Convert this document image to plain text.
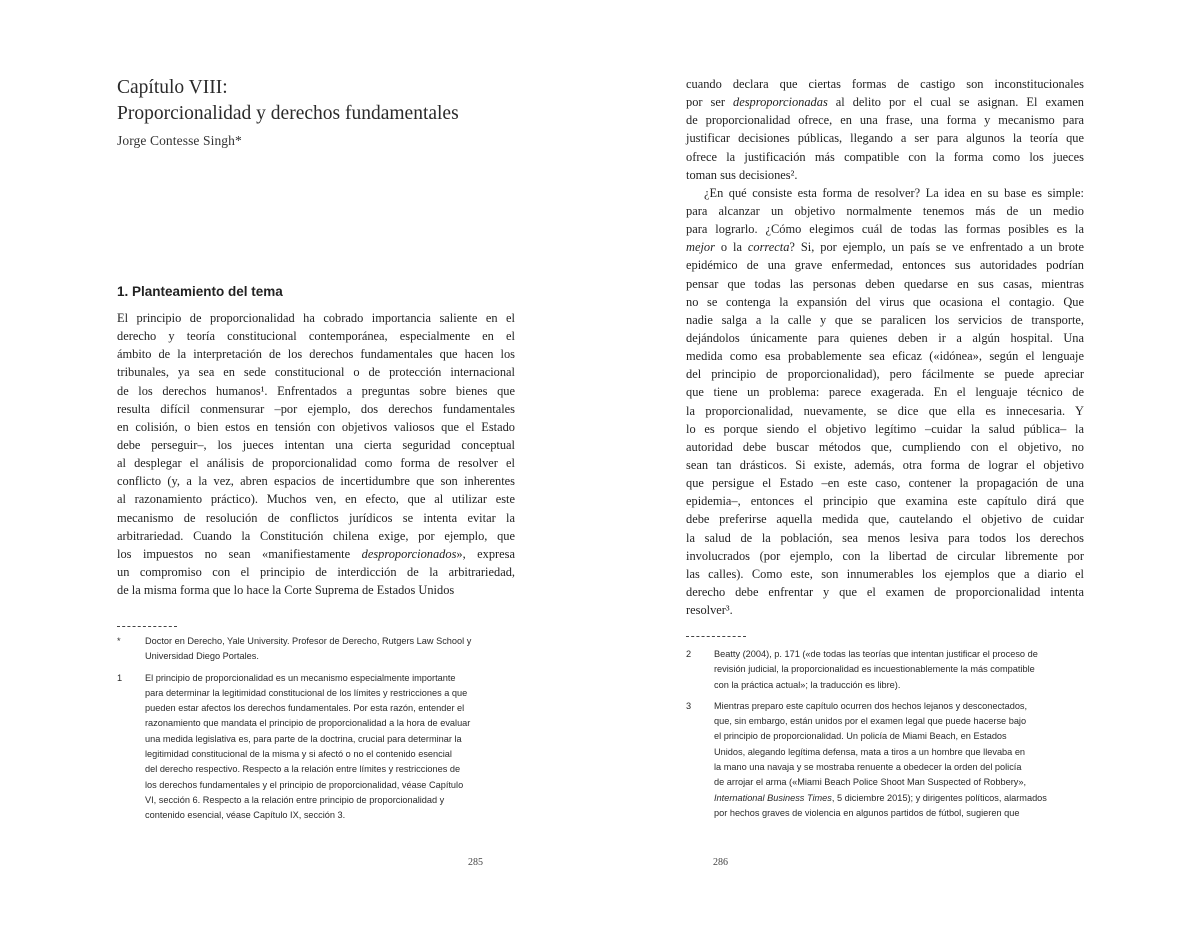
Capítulo VIII:
Proporcionalidad y derechos fundamentales
Jorge Contesse Singh*
1. Planteamiento del tema
El principio de proporcionalidad ha cobrado importancia saliente en el
derecho y teoría constitucional contemporánea, especialmente en el
ámbito de la interpretación de los derechos fundamentales que hacen los
tribunales, ya sea en sede constitucional o de protección internacional
de los derechos humanos¹. Enfrentados a preguntas sobre bienes que
resulta difícil conmensurar –por ejemplo, dos derechos fundamentales
en colisión, o bien estos en tensión con objetivos valiosos que el Estado
debe perseguir–, los jueces intentan una cierta seguridad conceptual
al desplegar el análisis de proporcionalidad como forma de resolver el
conflicto (y, a la vez, abren espacios de incertidumbre que son inherentes
al razonamiento práctico). Muchos ven, en efecto, que al utilizar este
mecanismo de resolución de conflictos jurídicos se intenta evitar la
arbitrariedad. Cuando la Constitución chilena exige, por ejemplo, que
los impuestos no sean «manifiestamente desproporcionados», expresa
un compromiso con el principio de interdicción de la arbitrariedad,
de la misma forma que lo hace la Corte Suprema de Estados Unidos
*	Doctor en Derecho, Yale University. Profesor de Derecho, Rutgers Law School y
Universidad Diego Portales.
1 El principio de proporcionalidad es un mecanismo especialmente importante
para determinar la legitimidad constitucional de los límites y restricciones a que
pueden estar afectos los derechos fundamentales. Por esta razón, entender el
razonamiento que mandata el principio de proporcionalidad a la hora de evaluar
una medida legislativa es, para parte de la doctrina, crucial para determinar la
legitimidad constitucional de la misma y si afectó o no el contenido esencial
del derecho respectivo. Respecto a la relación entre límites y restricciones de
los derechos fundamentales y el principio de proporcionalidad, véase Capítulo
VI, sección 6. Respecto a la relación entre principio de proporcionalidad y
contenido esencial, véase Capítulo IX, sección 3.
285
cuando declara que ciertas formas de castigo son inconstitucionales
por ser desproporcionadas al delito por el cual se asignan. El examen
de proporcionalidad ofrece, en una frase, una forma y mecanismo para
justificar decisiones públicas, llegando a ser para algunos la teoría que
ofrece la justificación más compatible con la forma como los jueces
toman sus decisiones².
¿En qué consiste esta forma de resolver? La idea en su base es simple:
para alcanzar un objetivo normalmente tenemos más de un medio
para lograrlo. ¿Cómo elegimos cuál de todas las formas posibles es la
mejor o la correcta? Si, por ejemplo, un país se ve enfrentado a un brote
epidémico de una grave enfermedad, entonces sus autoridades podrían
pensar que todas las personas deben quedarse en sus casas, mientras
no se contenga la expansión del virus que ocasiona el contagio. Que
nadie salga a la calle y que se paralicen los servicios de transporte,
dejándolos únicamente para quienes deben ir a algún hospital. Una
medida como esa probablemente sea eficaz («idónea», según el lenguaje
del principio de proporcionalidad), pero fácilmente se puede apreciar
que tiene un problema: parece exagerada. En el lenguaje técnico de
la proporcionalidad, nuevamente, se dice que ella es innecesaria. Y
lo es porque siendo el objetivo legítimo –cuidar la salud pública– la
autoridad debe buscar métodos que, cumpliendo con el objetivo, no
sean tan drásticos. Si existe, además, otra forma de lograr el objetivo
que persigue el Estado –en este caso, contener la propagación de una
epidemia–, entonces el principio que examina este capítulo dirá que
debe preferirse aquella medida que, cautelando el objetivo de cuidar
la salud de la población, sea menos lesiva para todos los derechos
involucrados (por ejemplo, con la libertad de circular libremente por
las calles). Como este, son innumerables los ejemplos que a diario el
derecho debe enfrentar y que el examen de proporcionalidad intenta
resolver³.
2 Beatty (2004), p. 171 («de todas las teorías que intentan justificar el proceso de
revisión judicial, la proporcionalidad es incuestionablemente la más compatible
con la práctica actual»; la traducción es libre).
3 Mientras preparo este capítulo ocurren dos hechos lejanos y desconectados,
que, sin embargo, están unidos por el examen legal que puede hacerse bajo
el principio de proporcionalidad. Un policía de Miami Beach, en Estados
Unidos, alegando legítima defensa, mata a tiros a un hombre que llevaba en
la mano una navaja y se mostraba renuente a obedecer la orden del policía
de arrojar el arma («Miami Beach Police Shoot Man Suspected of Robbery»,
International Business Times, 5 diciembre 2015); y dirigentes políticos, alarmados
por hechos graves de violencia en algunos partidos de fútbol, sugieren que
286
